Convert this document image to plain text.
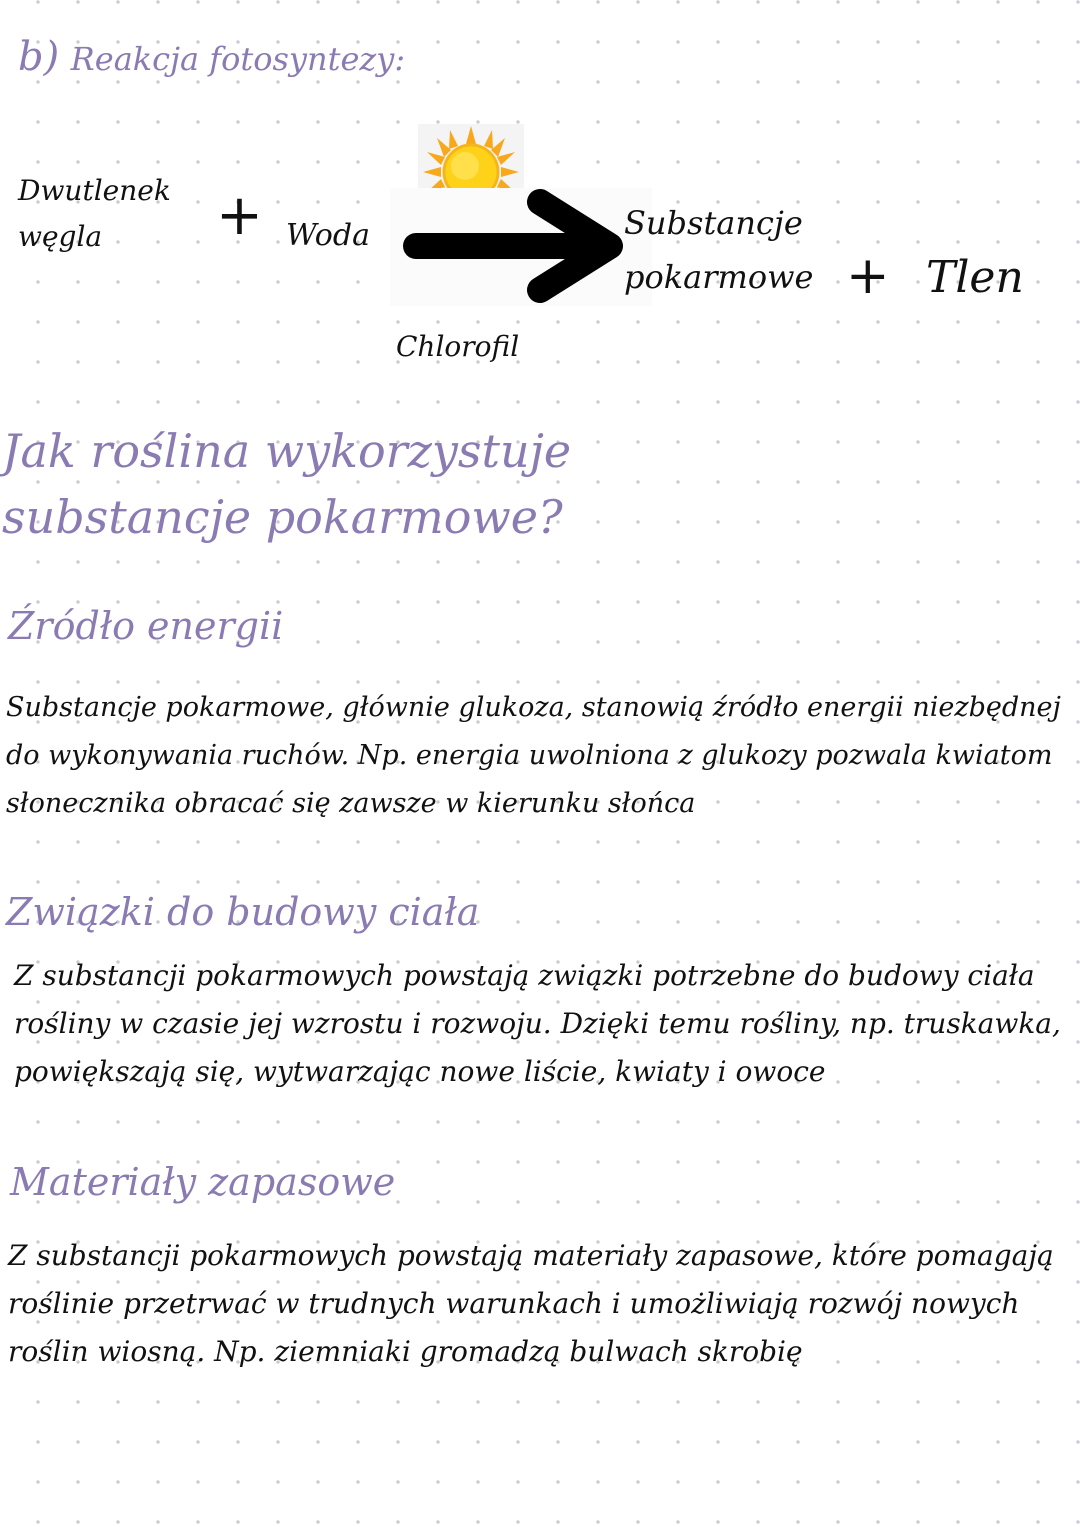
b) Reakcja fotosyntezy:
Dwutlenek
węgla	+ Woda
Chlorofil
Substancje
pokarmowe + Tlen
Jak roślina wykorzystuje substancje pokarmowe?
Źródło energii
Substancje pokarmowe, głównie glukoza, stanowią źródło energii niezbędnej do wykonywania ruchów. Np. energia uwolniona z glukozy pozwala kwiatom słonecznika obracać się zawsze w kierunku słońca
Związki do budowy ciała
Z substancji pokarmowych powstają związki potrzebne do budowy ciała rośliny w czasie jej wzrostu i rozwoju. Dzięki temu rośliny, np. truskawka, powiększają się, wytwarzając nowe liście, kwiaty i owoce
Materiały zapasowe
Z substancji pokarmowych powstają materiały zapasowe, które pomagają roślinie przetrwać w trudnych warunkach i umożliwiają rozwój nowych roślin wiosną. Np. ziemniaki gromadzą bulwach skrobię
